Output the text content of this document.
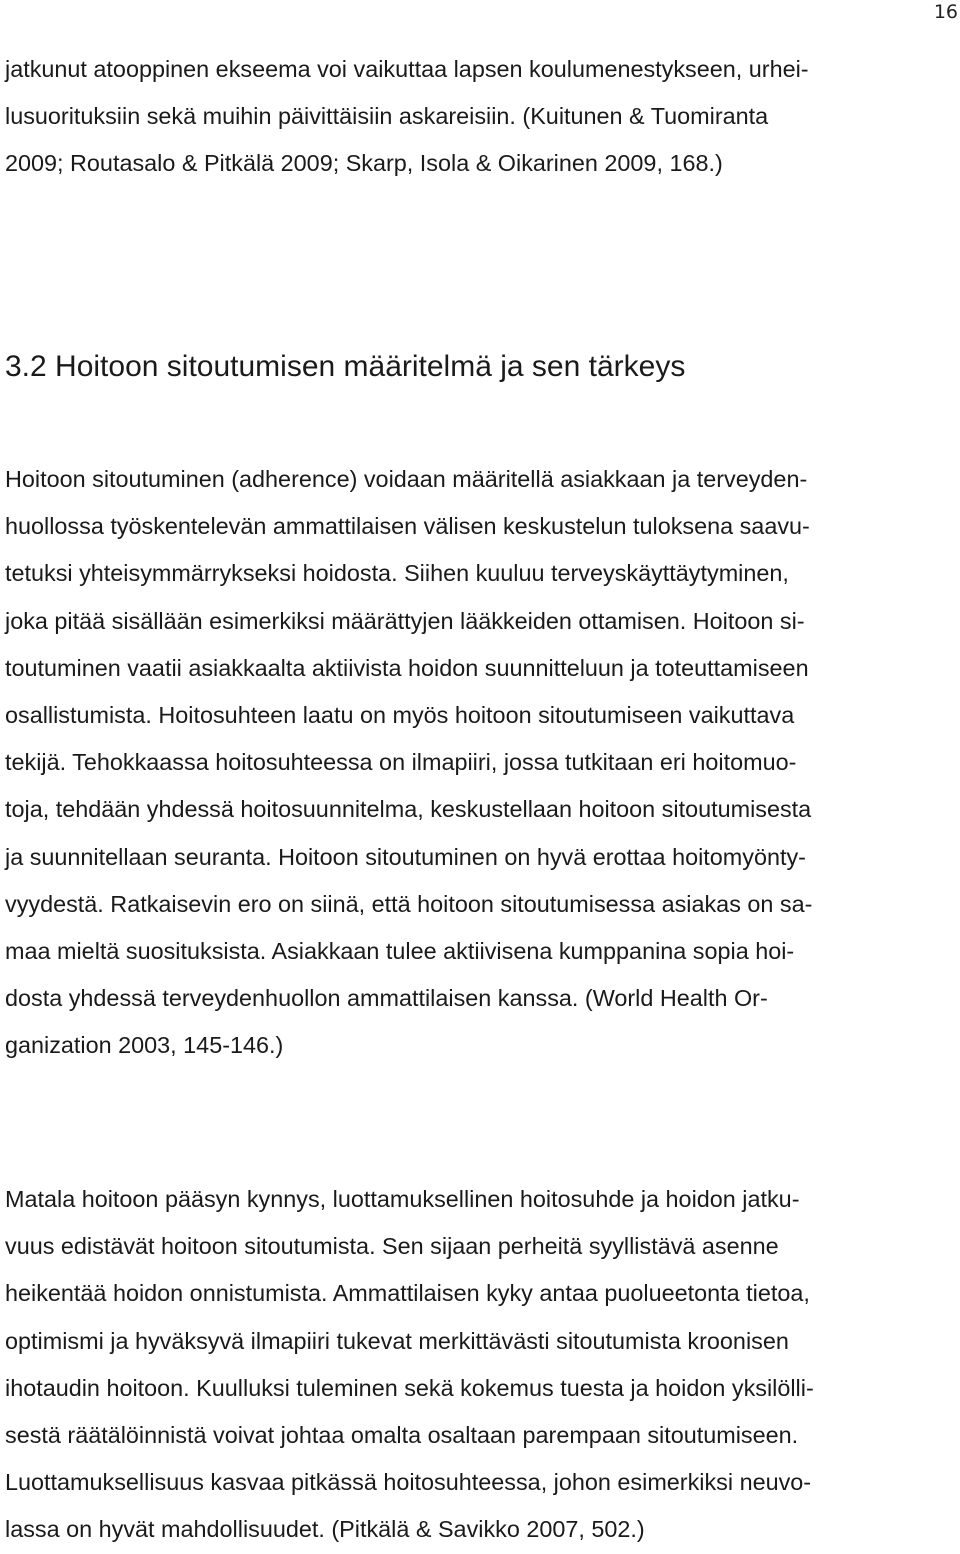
16

jatkunut atooppinen ekseema voi vaikuttaa lapsen koulumenestykseen, urhei-
lusuorituksiin sekä muihin päivittäisiin askareisiin. (Kuitunen & Tuomiranta
2009; Routasalo & Pitkälä 2009; Skarp, Isola & Oikarinen 2009, 168.)

3.2 Hoitoon sitoutumisen määritelmä ja sen tärkeys

Hoitoon sitoutuminen (adherence) voidaan määritellä asiakkaan ja terveyden-
huollossa työskentelevän ammattilaisen välisen keskustelun tuloksena saavu-
tetuksi yhteisymmärrykseksi hoidosta. Siihen kuuluu terveyskäyttäytyminen,
joka pitää sisällään esimerkiksi määrättyjen lääkkeiden ottamisen. Hoitoon si-
toutuminen vaatii asiakkaalta aktiivista hoidon suunnitteluun ja toteuttamiseen
osallistumista. Hoitosuhteen laatu on myös hoitoon sitoutumiseen vaikuttava
tekijä. Tehokkaassa hoitosuhteessa on ilmapiiri, jossa tutkitaan eri hoitomuo-
toja, tehdään yhdessä hoitosuunnitelma, keskustellaan hoitoon sitoutumisesta
ja suunnitellaan seuranta. Hoitoon sitoutuminen on hyvä erottaa hoitomyönty-
vyydestä. Ratkaisevin ero on siinä, että hoitoon sitoutumisessa asiakas on sa-
maa mieltä suosituksista. Asiakkaan tulee aktiivisena kumppanina sopia hoi-
dosta yhdessä terveydenhuollon ammattilaisen kanssa. (World Health Or-
ganization 2003, 145-146.)

Matala hoitoon pääsyn kynnys, luottamuksellinen hoitosuhde ja hoidon jatku-
vuus edistävät hoitoon sitoutumista. Sen sijaan perheitä syyllistävä asenne
heikentää hoidon onnistumista. Ammattilaisen kyky antaa puolueetonta tietoa,
optimismi ja hyväksyvä ilmapiiri tukevat merkittävästi sitoutumista kroonisen
ihotaudin hoitoon. Kuulluksi tuleminen sekä kokemus tuesta ja hoidon yksilölli-
sestä räätälöinnistä voivat johtaa omalta osaltaan parempaan sitoutumiseen.
Luottamuksellisuus kasvaa pitkässä hoitosuhteessa, johon esimerkiksi neuvo-
lassa on hyvät mahdollisuudet. (Pitkälä & Savikko 2007, 502.)
